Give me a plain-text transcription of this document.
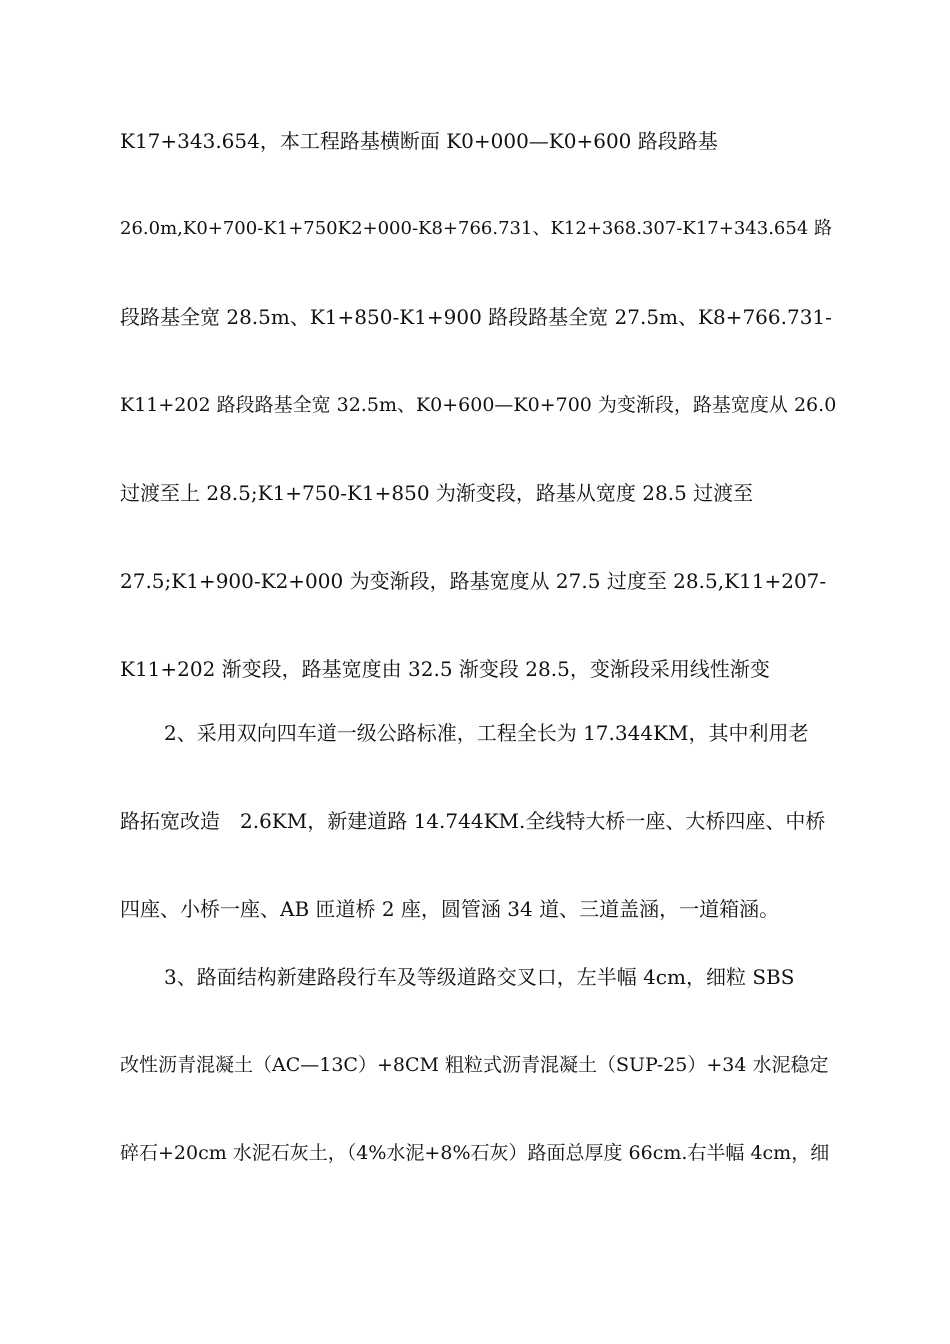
K17+343.654，本工程路基横断面 K0+000—K0+600 路段路基
26.0m,K0+700-K1+750K2+000-K8+766.731、K12+368.307-K17+343.654 路
段路基全宽 28.5m、K1+850-K1+900 路段路基全宽 27.5m、K8+766.731-
K11+202 路段路基全宽 32.5m、K0+600—K0+700 为变渐段，路基宽度从 26.0
过渡至上 28.5;K1+750-K1+850 为渐变段，路基从宽度 28.5 过渡至
27.5;K1+900-K2+000 为变渐段，路基宽度从 27.5 过度至 28.5,K11+207-
K11+202 渐变段，路基宽度由 32.5 渐变段 28.5，变渐段采用线性渐变
2、采用双向四车道一级公路标准，工程全长为 17.344KM，其中利用老
路拓宽改造　2.6KM，新建道路 14.744KM.全线特大桥一座、大桥四座、中桥
四座、小桥一座、AB 匝道桥 2 座，圆管涵 34 道、三道盖涵，一道箱涵。
3、路面结构新建路段行车及等级道路交叉口，左半幅 4cm，细粒 SBS
改性沥青混凝土（AC—13C）+8CM 粗粒式沥青混凝土（SUP-25）+34 水泥稳定
碎石+20cm 水泥石灰土，（4%水泥+8%石灰）路面总厚度 66cm.右半幅 4cm，细
